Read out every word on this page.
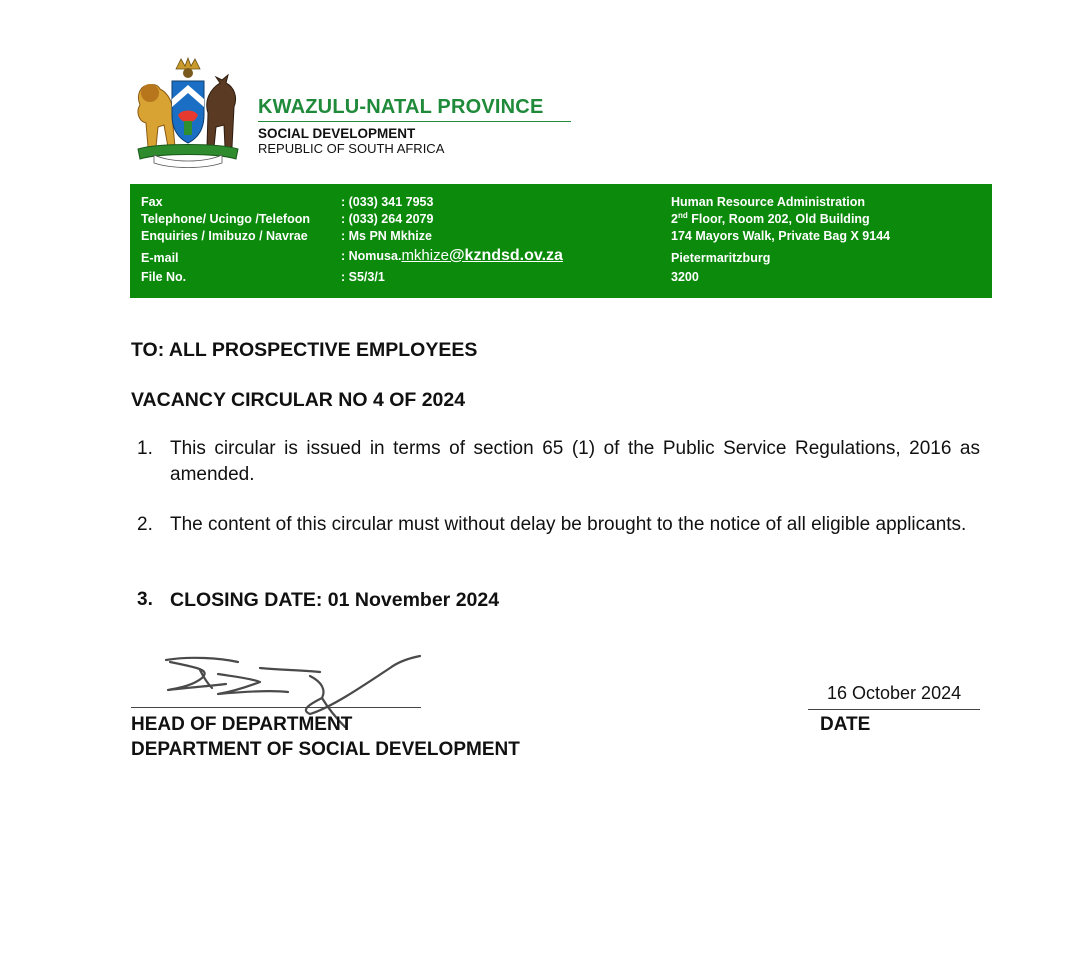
KWAZULU-NATAL PROVINCE
SOCIAL DEVELOPMENT
REPUBLIC OF SOUTH AFRICA
Fax
Telephone/ Ucingo /Telefoon
Enquiries / Imibuzo / Navrae
E-mail
File No.
: (033) 341 7953
: (033) 264 2079
: Ms PN Mkhize
: Nomusa.mkhize@kzndsd.ov.za
: S5/3/1
Human Resource Administration
2nd Floor, Room 202, Old Building
174 Mayors Walk, Private Bag X 9144
Pietermaritzburg
3200
TO: ALL PROSPECTIVE EMPLOYEES
VACANCY CIRCULAR NO 4 OF 2024
1. This circular is issued in terms of section 65 (1) of the Public Service Regulations, 2016 as amended.
2. The content of this circular must without delay be brought to the notice of all eligible applicants.
3. CLOSING DATE: 01 November 2024
16 October 2024
HEAD OF DEPARTMENT
DEPARTMENT OF SOCIAL DEVELOPMENT
DATE
